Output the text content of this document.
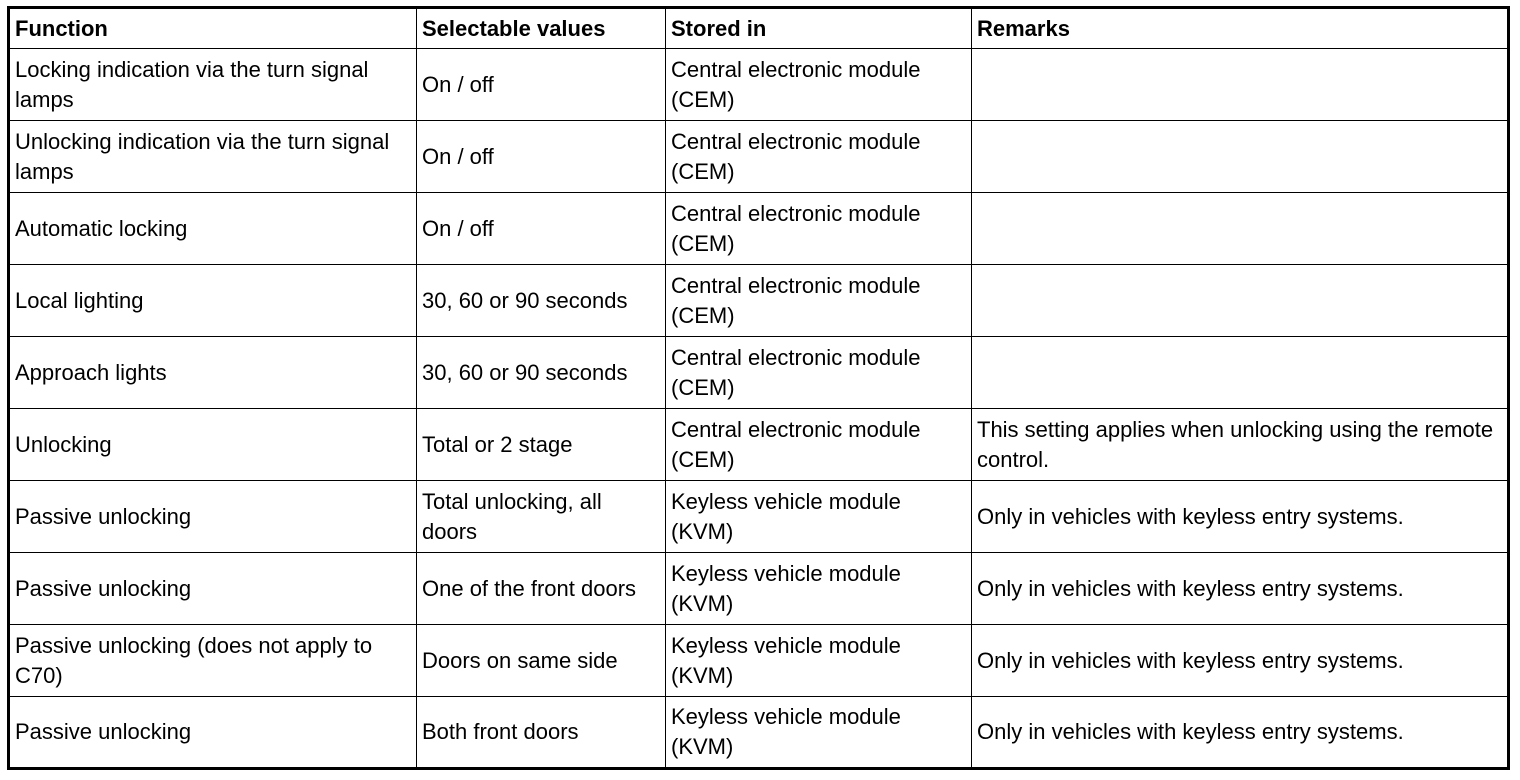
Function	Selectable values	Stored in	Remarks
Locking indication via the turn signal lamps	On / off	Central electronic module (CEM)	
Unlocking indication via the turn signal lamps	On / off	Central electronic module (CEM)	
Automatic locking	On / off	Central electronic module (CEM)	
Local lighting	30, 60 or 90 seconds	Central electronic module (CEM)	
Approach lights	30, 60 or 90 seconds	Central electronic module (CEM)	
Unlocking	Total or 2 stage	Central electronic module (CEM)	This setting applies when unlocking using the remote control.
Passive unlocking	Total unlocking, all doors	Keyless vehicle module (KVM)	Only in vehicles with keyless entry systems.
Passive unlocking	One of the front doors	Keyless vehicle module (KVM)	Only in vehicles with keyless entry systems.
Passive unlocking (does not apply to C70)	Doors on same side	Keyless vehicle module (KVM)	Only in vehicles with keyless entry systems.
Passive unlocking	Both front doors	Keyless vehicle module (KVM)	Only in vehicles with keyless entry systems.
